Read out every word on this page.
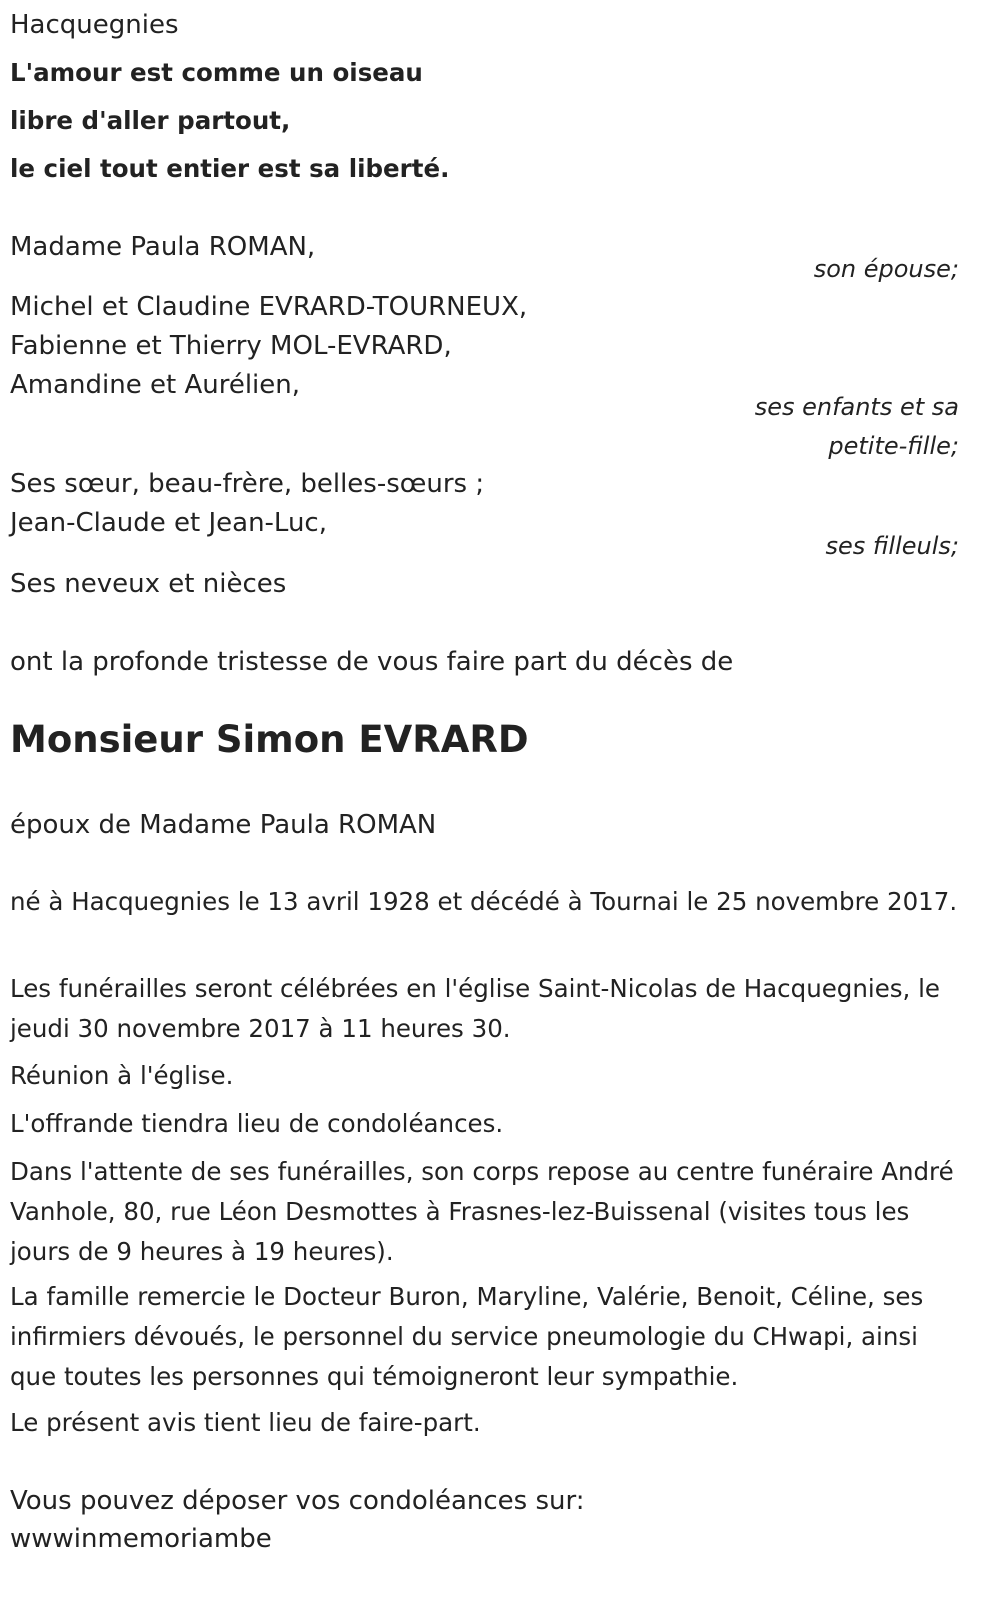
Hacquegnies
L'amour est comme un oiseau
libre d'aller partout,
le ciel tout entier est sa liberté.
Madame Paula ROMAN,
son épouse;
Michel et Claudine EVRARD-TOURNEUX,
Fabienne et Thierry MOL-EVRARD,
Amandine et Aurélien,
ses enfants et sa
petite-fille;
Ses sœur, beau-frère, belles-sœurs ;
Jean-Claude et Jean-Luc,
ses filleuls;
Ses neveux et nièces
ont la profonde tristesse de vous faire part du décès de
Monsieur Simon EVRARD
époux de Madame Paula ROMAN
né à Hacquegnies le 13 avril 1928 et décédé à Tournai le 25 novembre 2017.
Les funérailles seront célébrées en l'église Saint-Nicolas de Hacquegnies, le jeudi 30 novembre 2017 à 11 heures 30.
Réunion à l'église.
L'offrande tiendra lieu de condoléances.
Dans l'attente de ses funérailles, son corps repose au centre funéraire André Vanhole, 80, rue Léon Desmottes à Frasnes-lez-Buissenal (visites tous les jours de 9 heures à 19 heures).
La famille remercie le Docteur Buron, Maryline, Valérie, Benoit, Céline, ses infirmiers dévoués, le personnel du service pneumologie du CHwapi, ainsi que toutes les personnes qui témoigneront leur sympathie.
Le présent avis tient lieu de faire-part.
Vous pouvez déposer vos condoléances sur:
wwwinmemoriambe
